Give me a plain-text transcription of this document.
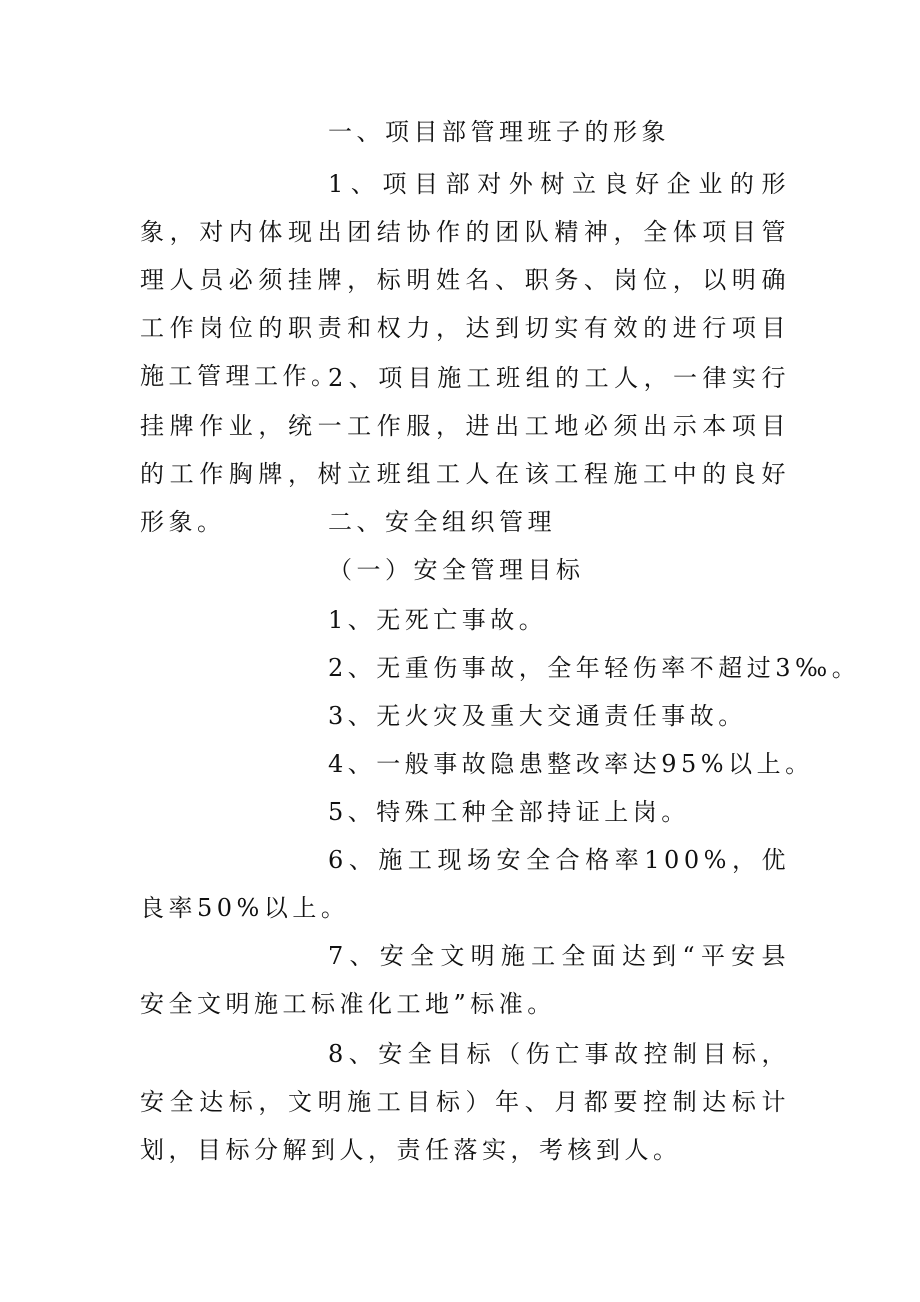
一、项目部管理班子的形象

1、项目部对外树立良好企业的形象，对内体现出团结协作的团队精神，全体项目管理人员必须挂牌，标明姓名、职务、岗位，以明确工作岗位的职责和权力，达到切实有效的进行项目施工管理工作。

2、项目施工班组的工人，一律实行挂牌作业，统一工作服，进出工地必须出示本项目的工作胸牌，树立班组工人在该工程施工中的良好形象。	二、安全组织管理

（一）安全管理目标

1、无死亡事故。

2、无重伤事故，全年轻伤率不超过3‰。

3、无火灾及重大交通责任事故。

4、一般事故隐患整改率达95%以上。

5、特殊工种全部持证上岗。

6、施工现场安全合格率100%，优良率50%以上。

7、安全文明施工全面达到“平安县安全文明施工标准化工地”标准。

8、安全目标（伤亡事故控制目标，安全达标，文明施工目标）年、月都要控制达标计划，目标分解到人，责任落实，考核到人。
